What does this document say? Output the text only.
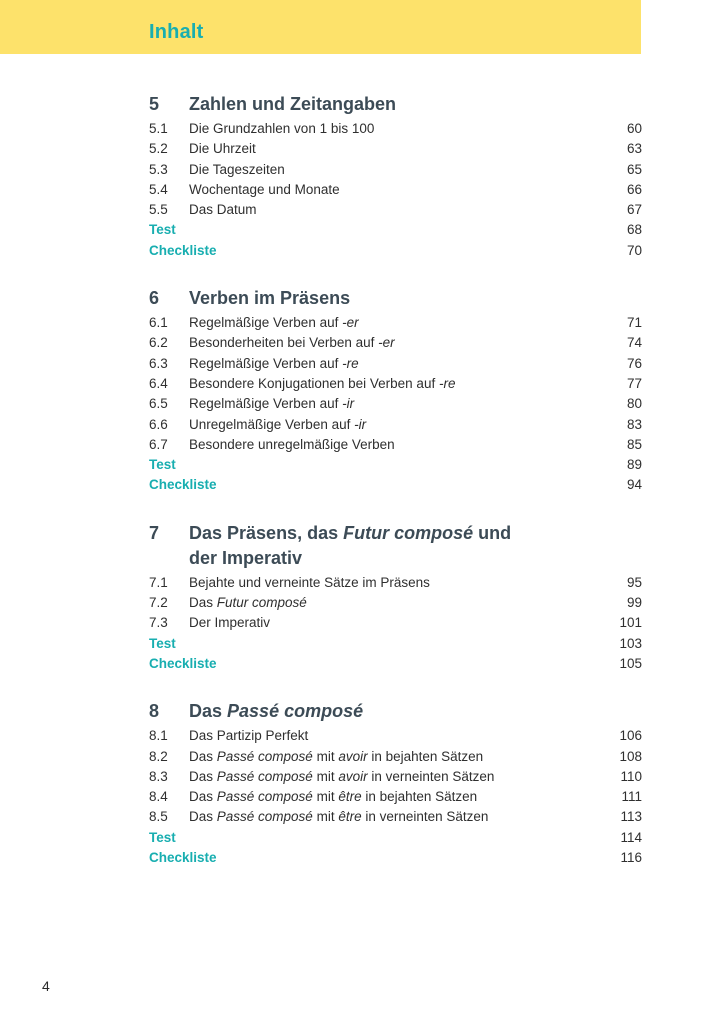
Inhalt
5	Zahlen und Zeitangaben
5.1	Die Grundzahlen von 1 bis 100	60
5.2	Die Uhrzeit	63
5.3	Die Tageszeiten	65
5.4	Wochentage und Monate	66
5.5	Das Datum	67
Test	68
Checkliste	70
6	Verben im Präsens
6.1	Regelmäßige Verben auf -er	71
6.2	Besonderheiten bei Verben auf -er	74
6.3	Regelmäßige Verben auf -re	76
6.4	Besondere Konjugationen bei Verben auf -re	77
6.5	Regelmäßige Verben auf -ir	80
6.6	Unregelmäßige Verben auf -ir	83
6.7	Besondere unregelmäßige Verben	85
Test	89
Checkliste	94
7	Das Präsens, das Futur composé und
der Imperativ
7.1	Bejahte und verneinte Sätze im Präsens	95
7.2	Das Futur composé	99
7.3	Der Imperativ	101
Test	103
Checkliste	105
8	Das Passé composé
8.1	Das Partizip Perfekt	106
8.2	Das Passé composé mit avoir in bejahten Sätzen	108
8.3	Das Passé composé mit avoir in verneinten Sätzen	110
8.4	Das Passé composé mit être in bejahten Sätzen	111
8.5	Das Passé composé mit être in verneinten Sätzen	113
Test	114
Checkliste	116
4
